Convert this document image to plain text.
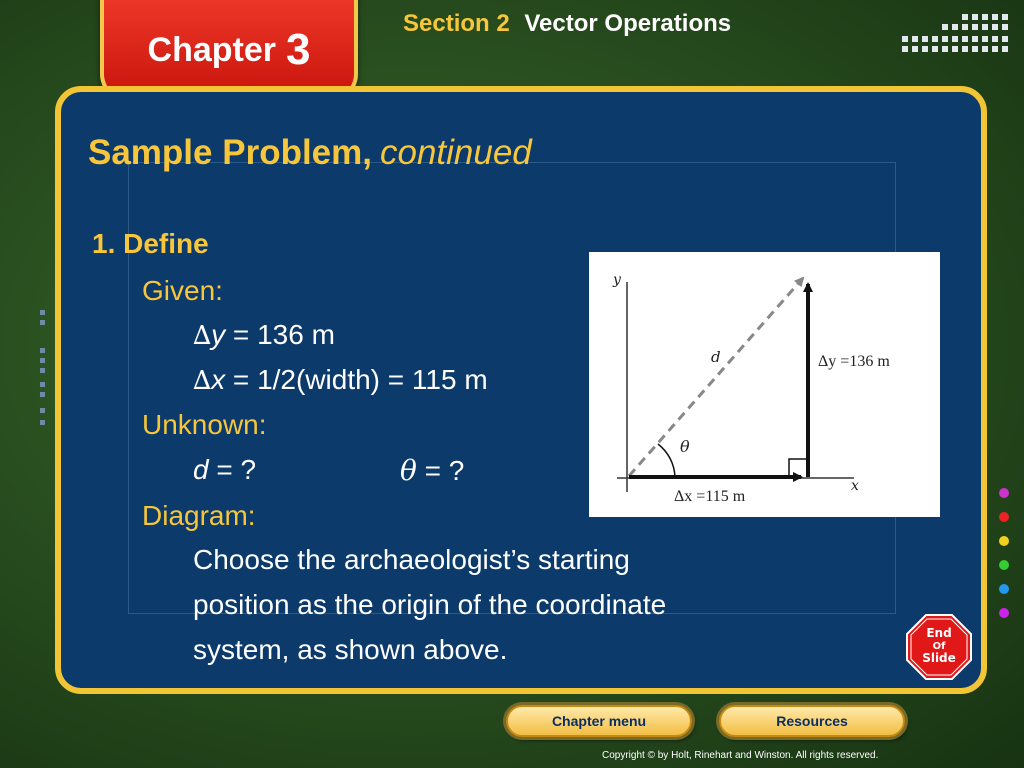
Chapter 3
Section 2 Vector Operations
Sample Problem, continued
1. Define
Given:
∆y = 136 m
∆x = 1/2(width) = 115 m
Unknown:
d = ?	θ = ?
Diagram:
Choose the archaeologist’s starting
position as the origin of the coordinate
system, as shown above.
y
x
d
θ
Δy =136 m
Δx =115 m
End
Of
Slide
Chapter menu	Resources
Copyright © by Holt, Rinehart and Winston. All rights reserved.
